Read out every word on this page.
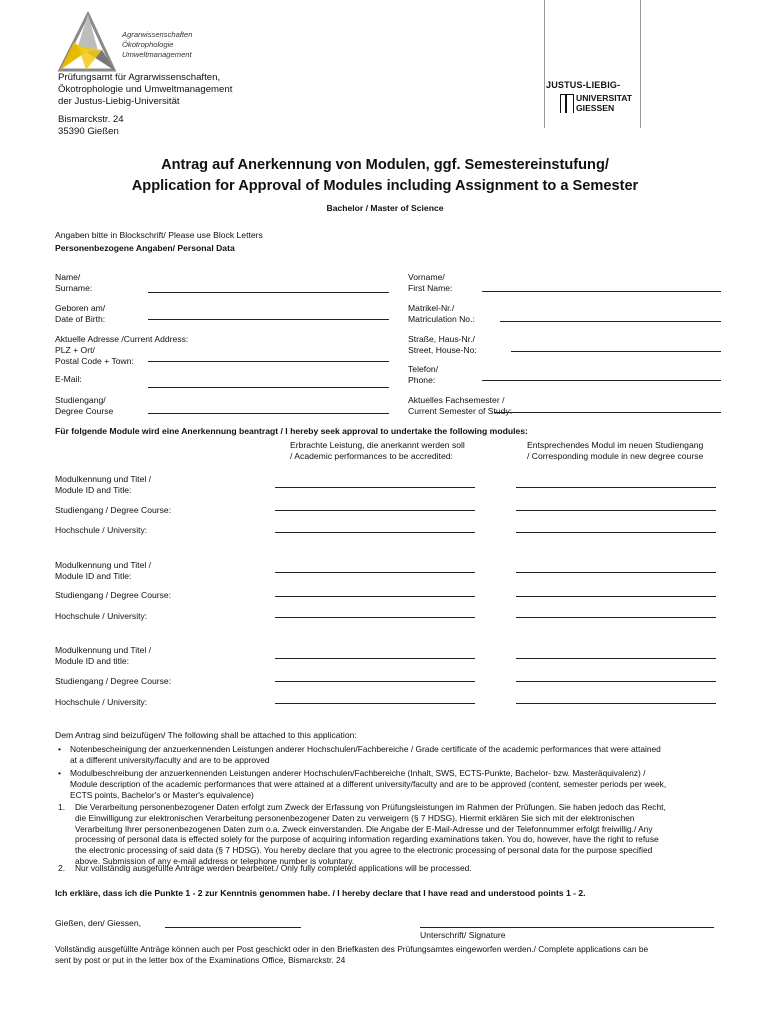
Agrarwissenschaften
Ökotrophologie
Umweltmanagement
Prüfungsamt für Agrarwissenschaften,
Ökotrophologie und Umweltmanagement
der Justus-Liebig-Universität
Bismarckstr. 24
35390 Gießen
JUSTUS-LIEBIG-
UNIVERSITAT
GIESSEN
Antrag auf Anerkennung von Modulen, ggf. Semestereinstufung/
Application for Approval of Modules including Assignment to a Semester
Bachelor / Master of Science
Angaben bitte in Blockschrift/ Please use Block Letters
Personenbezogene Angaben/ Personal Data
Name/
Surname:
Vorname/
First Name:
Geboren am/
Date of Birth:
Matrikel-Nr./
Matriculation No.:
Aktuelle Adresse /Current Address:
PLZ + Ort/
Postal Code + Town:
Straße, Haus-Nr./
Street, House-No:
Telefon/
Phone:
E-Mail:
Studiengang/
Degree Course
Aktuelles Fachsemester /
Current Semester of Study:
Für folgende Module wird eine Anerkennung beantragt / I hereby seek approval to undertake the following modules:
Erbrachte Leistung, die anerkannt werden soll
/ Academic performances to be accredited:
Entsprechendes Modul im neuen Studiengang
/ Corresponding module in new degree course
Modulkennung und Titel /
Module ID and Title:
Studiengang / Degree Course:
Hochschule / University:
Modulkennung und Titel /
Module ID and Title:
Studiengang / Degree Course:
Hochschule / University:
Modulkennung und Titel /
Module ID and title:
Studiengang / Degree Course:
Hochschule / University:
Dem Antrag sind beizufügen/ The following shall be attached to this application:
• Notenbescheinigung der anzuerkennenden Leistungen anderer Hochschulen/Fachbereiche / Grade certificate of the academic performances that were attained
at a different university/faculty and are to be approved
• Modulbeschreibung der anzuerkennenden Leistungen anderer Hochschulen/Fachbereiche (Inhalt, SWS, ECTS-Punkte, Bachelor- bzw. Masteräquivalenz) /
Module description of the academic performances that were attained at a different university/faculty and are to be approved (content, semester periods per week,
ECTS points, Bachelor's or Master's equivalence)
1. Die Verarbeitung personenbezogener Daten erfolgt zum Zweck der Erfassung von Prüfungsleistungen im Rahmen der Prüfungen. Sie haben jedoch das Recht,
die Einwilligung zur elektronischen Verarbeitung personenbezogener Daten zu verweigern (§ 7 HDSG). Hiermit erklären Sie sich mit der elektronischen
Verarbeitung Ihrer personenbezogenen Daten zum o.a. Zweck einverstanden. Die Angabe der E-Mail-Adresse und der Telefonnummer erfolgt freiwillig./ Any
processing of personal data is effected solely for the purpose of acquiring information regarding examinations taken. You do, however, have the right to refuse
the electronic processing of said data (§ 7 HDSG). You hereby declare that you agree to the electronic processing of personal data for the purpose specified
above. Submission of any e-mail address or telephone number is voluntary.
2. Nur vollständig ausgefüllte Anträge werden bearbeitet./ Only fully completed applications will be processed.
Ich erkläre, dass ich die Punkte 1 - 2 zur Kenntnis genommen habe. / I hereby declare that I have read and understood points 1 - 2.
Gießen, den/ Giessen,
Unterschrift/ Signature
Vollständig ausgefüllte Anträge können auch per Post geschickt oder in den Briefkasten des Prüfungsamtes eingeworfen werden./ Complete applications can be
sent by post or put in the letter box of the Examinations Office, Bismarckstr. 24
